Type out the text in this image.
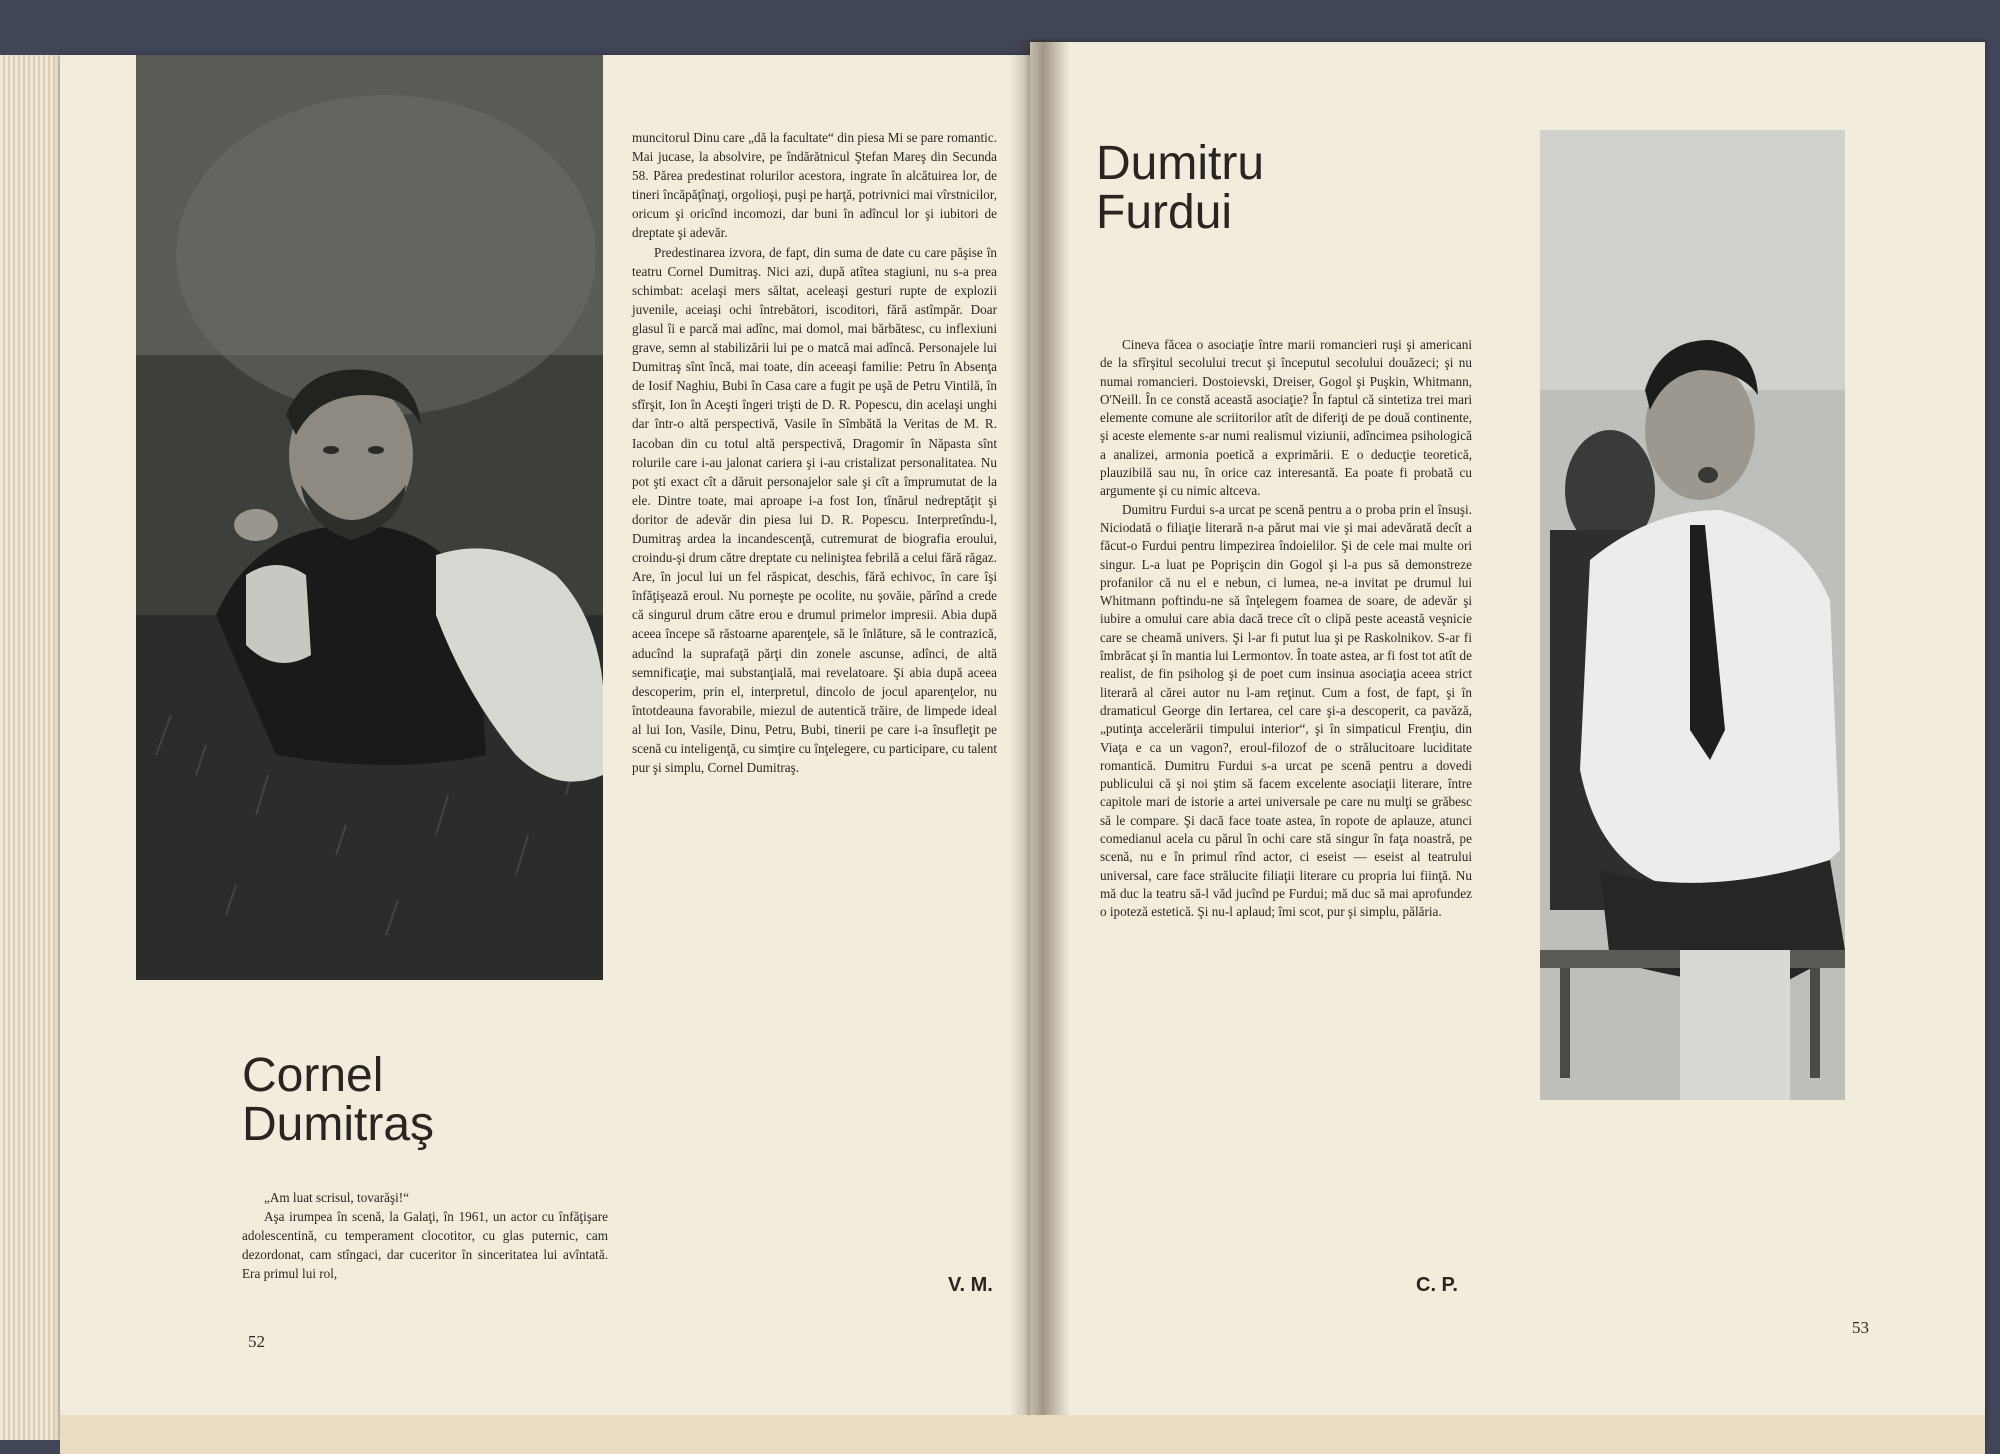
Cornel
Dumitraş

„Am luat scrisul, tovarăşi!“

Aşa irumpea în scenă, la Galaţi, în 1961, un actor cu înfăţişare adolescentină, cu temperament clocotitor, cu glas puternic, cam dezordonat, cam stîngaci, dar cuceritor în sinceritatea lui avîntată. Era primul lui rol,

muncitorul Dinu care „dă la facultate“ din piesa Mi se pare romantic. Mai jucase, la absolvire, pe îndărătnicul Ştefan Mareş din Secunda 58. Părea predestinat rolurilor acestora, ingrate în alcătuirea lor, de tineri încăpăţînaţi, orgolioşi, puşi pe harţă, potrivnici mai vîrstnicilor, oricum şi oricînd incomozi, dar buni în adîncul lor şi iubitori de dreptate şi adevăr.

Predestinarea izvora, de fapt, din suma de date cu care păşise în teatru Cornel Dumitraş. Nici azi, după atîtea stagiuni, nu s-a prea schimbat: acelaşi mers săltat, aceleaşi gesturi rupte de explozii juvenile, aceiaşi ochi întrebători, iscoditori, fără astîmpăr. Doar glasul îi e parcă mai adînc, mai domol, mai bărbătesc, cu inflexiuni grave, semn al stabilizării lui pe o matcă mai adîncă. Personajele lui Dumitraş sînt încă, mai toate, din aceeaşi familie: Petru în Absenţa de Iosif Naghiu, Bubi în Casa care a fugit pe uşă de Petru Vintilă, în sfîrşit, Ion în Aceşti îngeri trişti de D. R. Popescu, din acelaşi unghi dar într-o altă perspectivă, Vasile în Sîmbătă la Veritas de M. R. Iacoban din cu totul altă perspectivă, Dragomir în Năpasta sînt rolurile care i-au jalonat cariera şi i-au cristalizat personalitatea. Nu pot şti exact cît a dăruit personajelor sale şi cît a împrumutat de la ele. Dintre toate, mai aproape i-a fost Ion, tînărul nedreptăţit şi doritor de adevăr din piesa lui D. R. Popescu. Interpretîndu-l, Dumitraş ardea la incandescenţă, cutremurat de biografia eroului, croindu-şi drum către dreptate cu neliniştea febrilă a celui fără răgaz. Are, în jocul lui un fel răspicat, deschis, fără echivoc, în care îşi înfăţişează eroul. Nu porneşte pe ocolite, nu şovăie, părînd a crede că singurul drum către erou e drumul primelor impresii. Abia după aceea începe să răstoarne aparenţele, să le înlăture, să le contrazică, aducînd la suprafaţă părţi din zonele ascunse, adînci, de altă semnificaţie, mai substanţială, mai revelatoare. Şi abia după aceea descoperim, prin el, interpretul, dincolo de jocul aparenţelor, nu întotdeauna favorabile, miezul de autentică trăire, de limpede ideal al lui Ion, Vasile, Dinu, Petru, Bubi, tinerii pe care i-a însufleţit pe scenă cu inteligenţă, cu simţire cu înţelegere, cu participare, cu talent pur şi simplu, Cornel Dumitraş.

V. M.
52
Dumitru
Furdui

Cineva făcea o asociaţie între marii romancieri ruşi şi americani de la sfîrşitul secolului trecut şi începutul secolului douăzeci; şi nu numai romancieri. Dostoievski, Dreiser, Gogol şi Puşkin, Whitmann, O'Neill. În ce constă această asociaţie? În faptul că sintetiza trei mari elemente comune ale scriitorilor atît de diferiţi de pe două continente, şi aceste elemente s-ar numi realismul viziunii, adîncimea psihologică a analizei, armonia poetică a exprimării. E o deducţie teoretică, plauzibilă sau nu, în orice caz interesantă. Ea poate fi probată cu argumente şi cu nimic altceva.

Dumitru Furdui s-a urcat pe scenă pentru a o proba prin el însuşi. Niciodată o filiaţie literară n-a părut mai vie şi mai adevărată decît a făcut-o Furdui pentru limpezirea îndoielilor. Şi de cele mai multe ori singur. L-a luat pe Poprişcin din Gogol şi l-a pus să demonstreze profanilor că nu el e nebun, ci lumea, ne-a invitat pe drumul lui Whitmann poftindu-ne să înţelegem foamea de soare, de adevăr şi iubire a omului care abia dacă trece cît o clipă peste această veşnicie care se cheamă univers. Şi l-ar fi putut lua şi pe Raskolnikov. S-ar fi îmbrăcat şi în mantia lui Lermontov. În toate astea, ar fi fost tot atît de realist, de fin psiholog şi de poet cum insinua asociaţia aceea strict literară al cărei autor nu l-am reţinut. Cum a fost, de fapt, şi în dramaticul George din Iertarea, cel care şi-a descoperit, ca pavăză, „putinţa accelerării timpului interior“, şi în simpaticul Frenţiu, din Viaţa e ca un vagon?, eroul-filozof de o strălucitoare luciditate romantică. Dumitru Furdui s-a urcat pe scenă pentru a dovedi publicului că şi noi ştim să facem excelente asociaţii literare, între capitole mari de istorie a artei universale pe care nu mulţi se grăbesc să le compare. Şi dacă face toate astea, în ropote de aplauze, atunci comedianul acela cu părul în ochi care stă singur în faţa noastră, pe scenă, nu e în primul rînd actor, ci eseist — eseist al teatrului universal, care face strălucite filiaţii literare cu propria lui fiinţă. Nu mă duc la teatru să-l văd jucînd pe Furdui; mă duc să mai aprofundez o ipoteză estetică. Şi nu-l aplaud; îmi scot, pur şi simplu, pălăria.

C. P.
53
